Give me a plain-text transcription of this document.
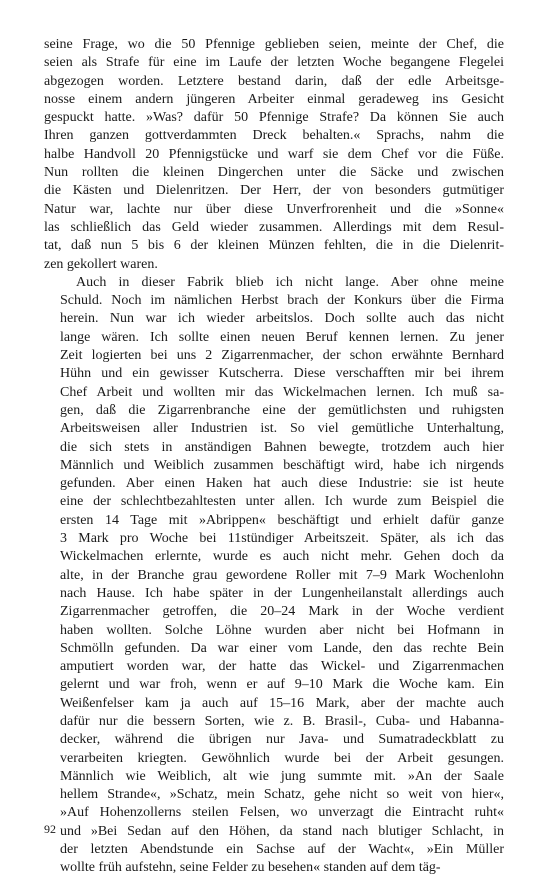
seine Frage, wo die 50 Pfennige geblieben seien, meinte der Chef, die
seien als Strafe für eine im Laufe der letzten Woche begangene Flegelei
abgezogen worden. Letztere bestand darin, daß der edle Arbeitsge-
nosse einem andern jüngeren Arbeiter einmal geradeweg ins Gesicht
gespuckt hatte. »Was? dafür 50 Pfennige Strafe? Da können Sie auch
Ihren ganzen gottverdammten Dreck behalten.« Sprachs, nahm die
halbe Handvoll 20 Pfennigstücke und warf sie dem Chef vor die Füße.
Nun rollten die kleinen Dingerchen unter die Säcke und zwischen
die Kästen und Dielenritzen. Der Herr, der von besonders gutmütiger
Natur war, lachte nur über diese Unverfrorenheit und die »Sonne«
las schließlich das Geld wieder zusammen. Allerdings mit dem Resul-
tat, daß nun 5 bis 6 der kleinen Münzen fehlten, die in die Dielenrit-
zen gekollert waren.
Auch in dieser Fabrik blieb ich nicht lange. Aber ohne meine
Schuld. Noch im nämlichen Herbst brach der Konkurs über die Firma
herein. Nun war ich wieder arbeitslos. Doch sollte auch das nicht
lange wären. Ich sollte einen neuen Beruf kennen lernen. Zu jener
Zeit logierten bei uns 2 Zigarrenmacher, der schon erwähnte Bernhard
Hühn und ein gewisser Kutscherra. Diese verschafften mir bei ihrem
Chef Arbeit und wollten mir das Wickelmachen lernen. Ich muß sa-
gen, daß die Zigarrenbranche eine der gemütlichsten und ruhigsten
Arbeitsweisen aller Industrien ist. So viel gemütliche Unterhaltung,
die sich stets in anständigen Bahnen bewegte, trotzdem auch hier
Männlich und Weiblich zusammen beschäftigt wird, habe ich nirgends
gefunden. Aber einen Haken hat auch diese Industrie: sie ist heute
eine der schlechtbezahltesten unter allen. Ich wurde zum Beispiel die
ersten 14 Tage mit »Abrippen« beschäftigt und erhielt dafür ganze
3 Mark pro Woche bei 11stündiger Arbeitszeit. Später, als ich das
Wickelmachen erlernte, wurde es auch nicht mehr. Gehen doch da
alte, in der Branche grau gewordene Roller mit 7–9 Mark Wochenlohn
nach Hause. Ich habe später in der Lungenheilanstalt allerdings auch
Zigarrenmacher getroffen, die 20–24 Mark in der Woche verdient
haben wollten. Solche Löhne wurden aber nicht bei Hofmann in
Schmölln gefunden. Da war einer vom Lande, den das rechte Bein
amputiert worden war, der hatte das Wickel- und Zigarrenmachen
gelernt und war froh, wenn er auf 9–10 Mark die Woche kam. Ein
Weißenfelser kam ja auch auf 15–16 Mark, aber der machte auch
dafür nur die bessern Sorten, wie z. B. Brasil-, Cuba- und Habanna-
decker, während die übrigen nur Java- und Sumatradeckblatt zu
verarbeiten kriegten. Gewöhnlich wurde bei der Arbeit gesungen.
Männlich wie Weiblich, alt wie jung summte mit. »An der Saale
hellem Strande«, »Schatz, mein Schatz, gehe nicht so weit von hier«,
»Auf Hohenzollerns steilen Felsen, wo unverzagt die Eintracht ruht«
und »Bei Sedan auf den Höhen, da stand nach blutiger Schlacht, in
der letzten Abendstunde ein Sachse auf der Wacht«, »Ein Müller
wollte früh aufstehn, seine Felder zu besehen« standen auf dem täg-
92
